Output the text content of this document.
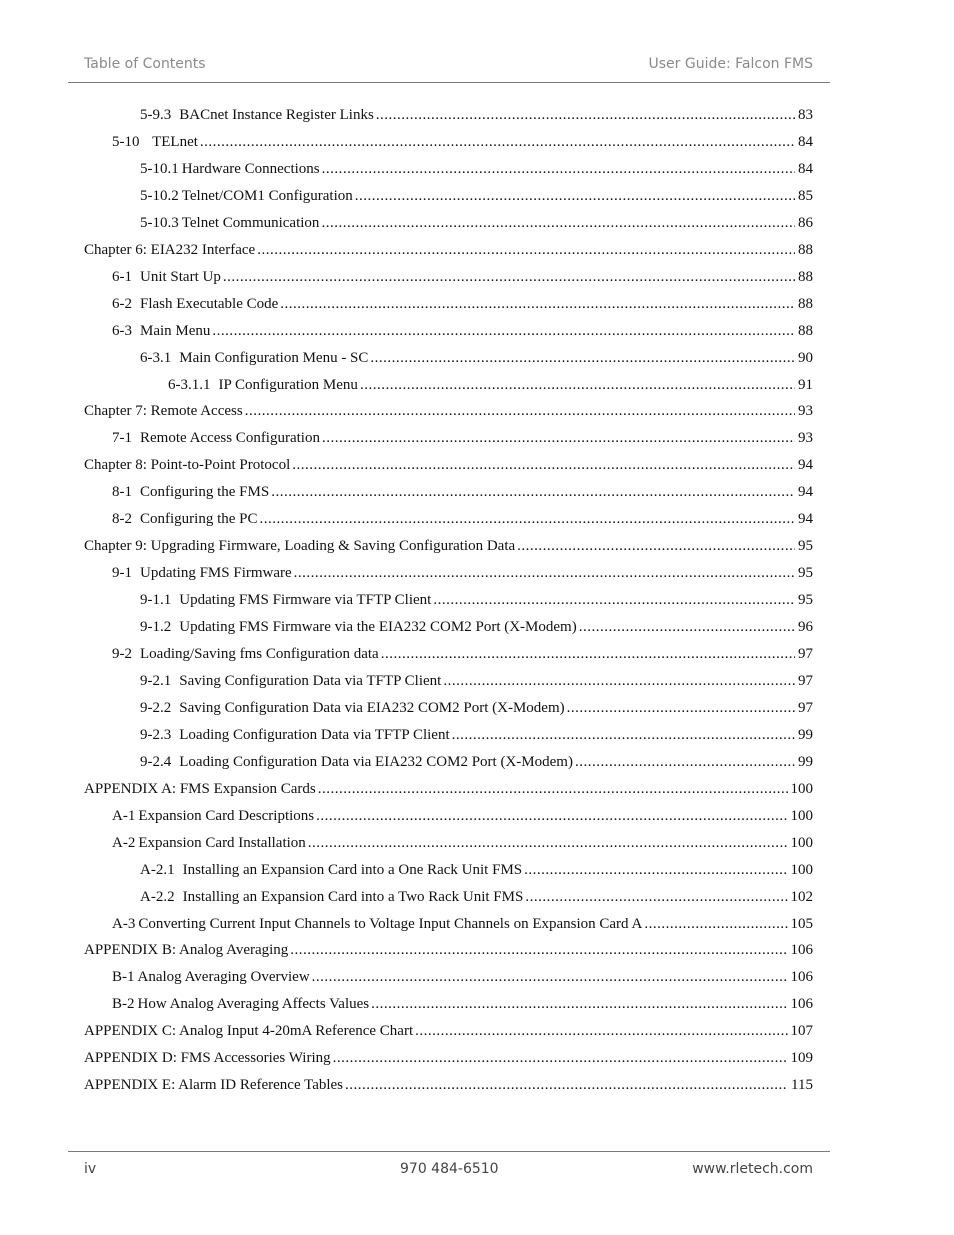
Table of Contents	User Guide: Falcon FMS
5-9.3 BACnet Instance Register Links .....	83
5-10 TELnet .....	84
5-10.1 Hardware Connections .....	84
5-10.2 Telnet/COM1 Configuration .....	85
5-10.3 Telnet Communication .....	86
Chapter 6: EIA232 Interface .....	88
6-1 Unit Start Up .....	88
6-2 Flash Executable Code .....	88
6-3 Main Menu .....	88
6-3.1 Main Configuration Menu - SC .....	90
6-3.1.1 IP Configuration Menu .....	91
Chapter 7: Remote Access .....	93
7-1 Remote Access Configuration .....	93
Chapter 8: Point-to-Point Protocol .....	94
8-1 Configuring the FMS .....	94
8-2 Configuring the PC .....	94
Chapter 9: Upgrading Firmware, Loading & Saving Configuration Data .....	95
9-1 Updating FMS Firmware .....	95
9-1.1 Updating FMS Firmware via TFTP Client .....	95
9-1.2 Updating FMS Firmware via the EIA232 COM2 Port (X-Modem) .....	96
9-2 Loading/Saving fms Configuration data .....	97
9-2.1 Saving Configuration Data via TFTP Client .....	97
9-2.2 Saving Configuration Data via EIA232 COM2 Port (X-Modem) .....	97
9-2.3 Loading Configuration Data via TFTP Client .....	99
9-2.4 Loading Configuration Data via EIA232 COM2 Port (X-Modem) .....	99
APPENDIX A: FMS Expansion Cards .....	100
A-1 Expansion Card Descriptions .....	100
A-2 Expansion Card Installation .....	100
A-2.1 Installing an Expansion Card into a One Rack Unit FMS .....	100
A-2.2 Installing an Expansion Card into a Two Rack Unit FMS .....	102
A-3 Converting Current Input Channels to Voltage Input Channels on Expansion Card A .....	105
APPENDIX B: Analog Averaging .....	106
B-1 Analog Averaging Overview .....	106
B-2 How Analog Averaging Affects Values .....	106
APPENDIX C: Analog Input 4-20mA Reference Chart .....	107
APPENDIX D: FMS Accessories Wiring .....	109
APPENDIX E: Alarm ID Reference Tables .....	115
iv	970 484-6510	www.rletech.com
